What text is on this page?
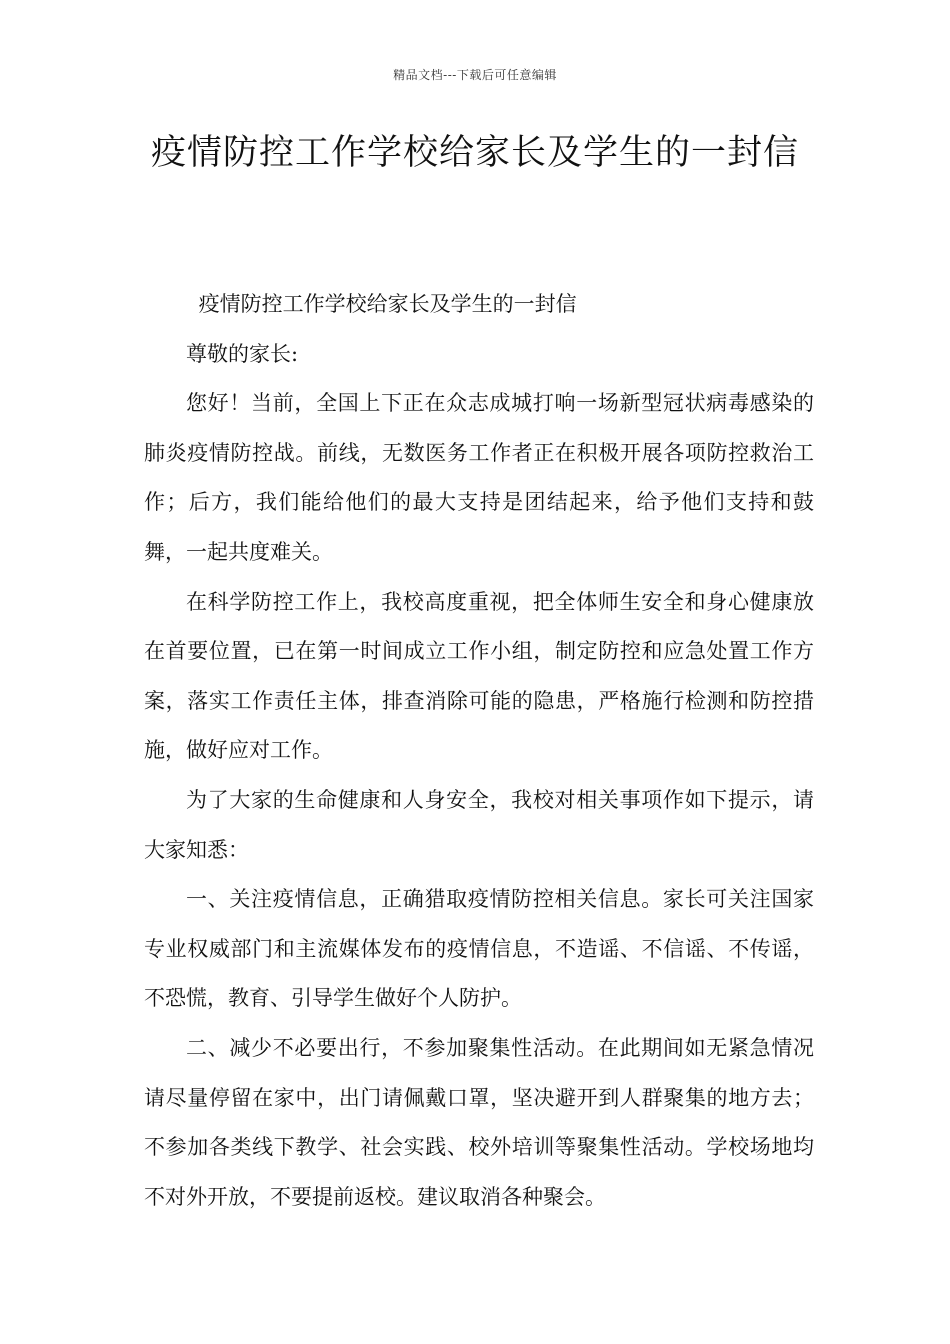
精品文档---下载后可任意编辑
疫情防控工作学校给家长及学生的一封信

疫情防控工作学校给家长及学生的一封信

尊敬的家长:

您好！当前，全国上下正在众志成城打响一场新型冠状病毒感染的肺炎疫情防控战。前线，无数医务工作者正在积极开展各项防控救治工作；后方，我们能给他们的最大支持是团结起来，给予他们支持和鼓舞，一起共度难关。

在科学防控工作上，我校高度重视，把全体师生安全和身心健康放在首要位置，已在第一时间成立工作小组，制定防控和应急处置工作方案，落实工作责任主体，排查消除可能的隐患，严格施行检测和防控措施，做好应对工作。

为了大家的生命健康和人身安全，我校对相关事项作如下提示，请大家知悉：

一、关注疫情信息，正确猎取疫情防控相关信息。家长可关注国家专业权威部门和主流媒体发布的疫情信息，不造谣、不信谣、不传谣，不恐慌，教育、引导学生做好个人防护。

二、减少不必要出行，不参加聚集性活动。在此期间如无紧急情况请尽量停留在家中，出门请佩戴口罩，坚决避开到人群聚集的地方去；不参加各类线下教学、社会实践、校外培训等聚集性活动。学校场地均不对外开放，不要提前返校。建议取消各种聚会。
